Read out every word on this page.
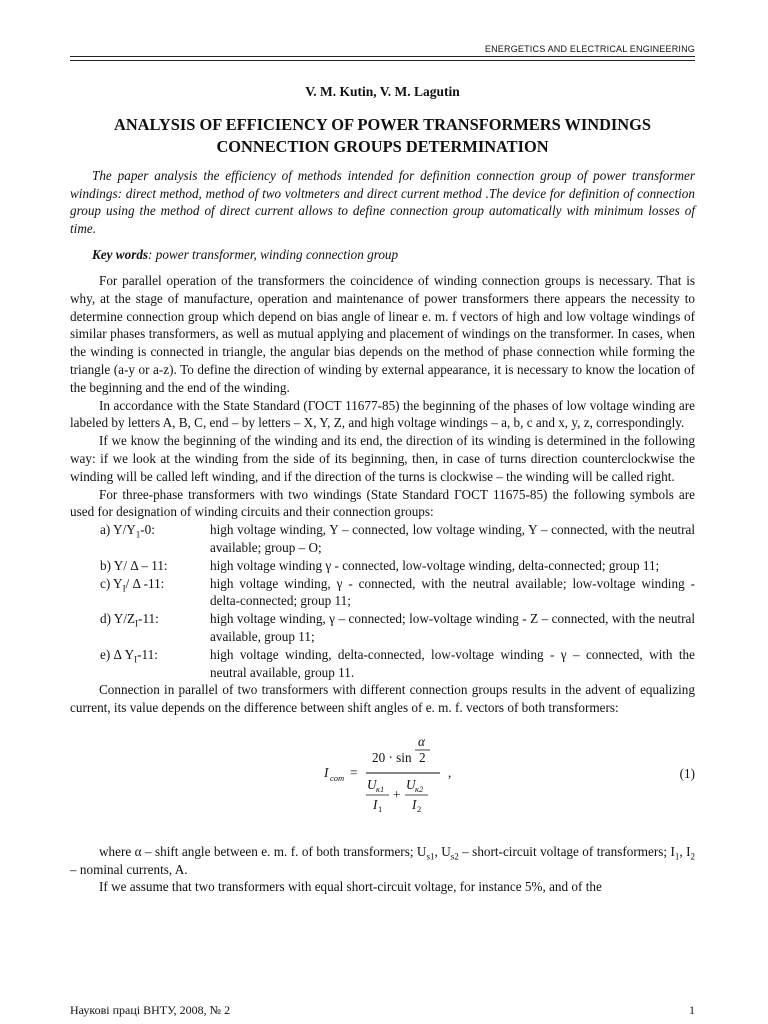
ENERGETICS AND ELECTRICAL ENGINEERING
V. M. Kutin, V. M. Lagutin
ANALYSIS OF EFFICIENCY OF POWER TRANSFORMERS WINDINGS
CONNECTION GROUPS DETERMINATION

The paper analysis the efficiency of methods intended for definition connection group of power transformer windings: direct method, method of two voltmeters and direct current method .The device for definition of connection group using the method of direct current allows to define connection group automatically with minimum losses of time.

Key words: power transformer, winding connection group

For parallel operation of the transformers the coincidence of winding connection groups is necessary. That is why, at the stage of manufacture, operation and maintenance of power transformers there appears the necessity to determine connection group which depend on bias angle of linear e. m. f vectors of high and low voltage windings of similar phases transformers, as well as mutual applying and placement of windings on the transformer. In cases, when the winding is connected in triangle, the angular bias depends on the method of phase connection while forming the triangle (a-y or a-z). To define the direction of winding by external appearance, it is necessary to know the location of the beginning and the end of the winding.

In accordance with the State Standard (ГОСТ 11677-85) the beginning of the phases of low voltage winding are labeled by letters A, B, C, end – by letters – X, Y, Z, and high voltage windings – a, b, c and x, y, z, correspondingly.

If we know the beginning of the winding and its end, the direction of its winding is determined in the following way: if we look at the winding from the side of its beginning, then, in case of turns direction counterclockwise the winding will be called left winding, and if the direction of the turns is clockwise – the winding will be called right.

For three-phase transformers with two windings (State Standard ГОСТ 11675-85) the following symbols are used for designation of winding circuits and their connection groups:

a) $Y/Y_1-0$:	high voltage winding, Y – connected, low voltage winding, Y – connected, with the neutral available; group – O;
b) Y/ Δ – 11:	high voltage winding γ - connected, low-voltage winding, delta-connected; group 11;
c) $Y_I/$ Δ -11:	high voltage winding, γ - connected, with the neutral available; low-voltage winding - delta-connected; group 11;
d) $Y/Z_I-11$:	high voltage winding, γ – connected; low-voltage winding - Z – connected, with the neutral available, group 11;
e) Δ $Y_I-11$:	high voltage winding, delta-connected, low-voltage winding - γ – connected, with the neutral available, group 11.

Connection in parallel of two transformers with different connection groups results in the advent of equalizing current, its value depends on the difference between shift angles of e. m. f. vectors of both transformers:

I com =
20 · sin
α
2
U к1
I 1
+
U к2
I 2
,	(1)

where α – shift angle between e. m. f. of both transformers; $U_{s1}$, $U_{s2}$ – short-circuit voltage of transformers; $I_1$, $I_2$ – nominal currents, A.

If we assume that two transformers with equal short-circuit voltage, for instance 5%, and of the

Наукові праці ВНТУ, 2008, № 2	1
